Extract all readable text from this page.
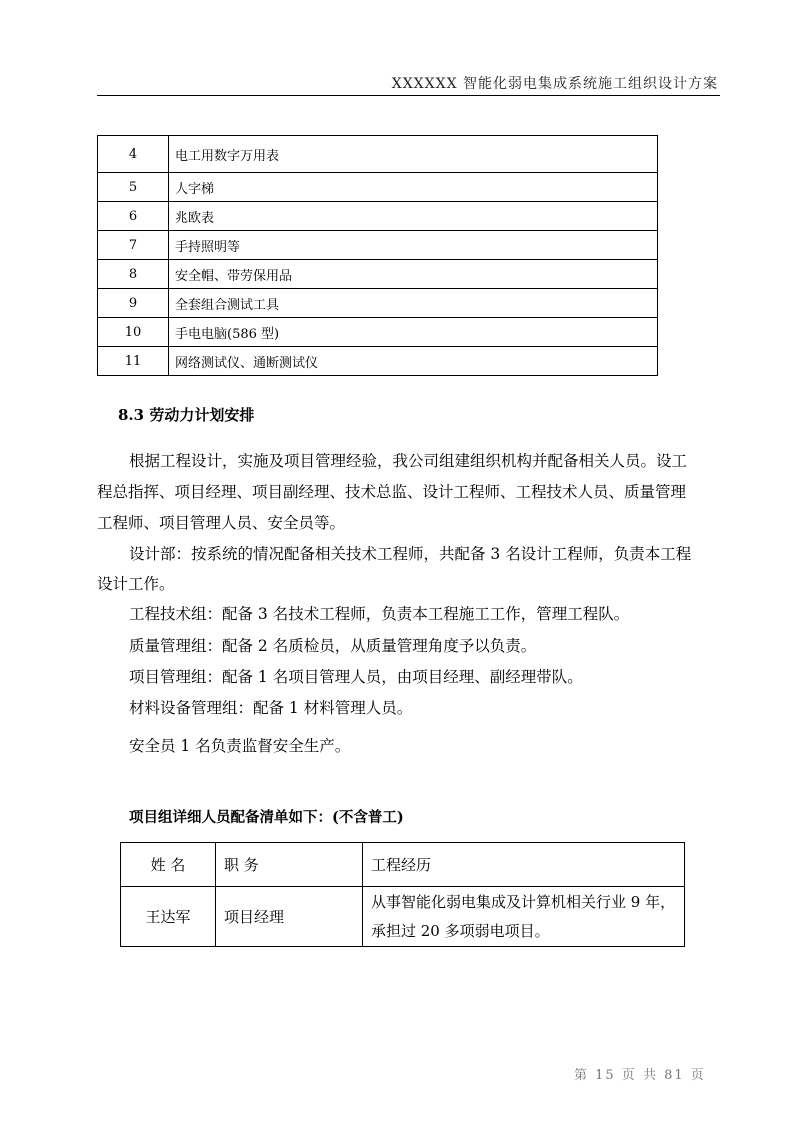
XXXXXX 智能化弱电集成系统施工组织设计方案
4	电工用数字万用表
5	人字梯
6	兆欧表
7	手持照明等
8	安全帽、带劳保用品
9	全套组合测试工具
10	手电电脑(586 型)
11	网络测试仪、通断测试仪
8.3 劳动力计划安排
根据工程设计，实施及项目管理经验，我公司组建组织机构并配备相关人员。设工
程总指挥、项目经理、项目副经理、技术总监、设计工程师、工程技术人员、质量管理
工程师、项目管理人员、安全员等。
设计部：按系统的情况配备相关技术工程师，共配备 3 名设计工程师，负责本工程
设计工作。
工程技术组：配备 3 名技术工程师，负责本工程施工工作，管理工程队。
质量管理组：配备 2 名质检员，从质量管理角度予以负责。
项目管理组：配备 1 名项目管理人员，由项目经理、副经理带队。
材料设备管理组：配备 1 材料管理人员。
安全员 1 名负责监督安全生产。
项目组详细人员配备清单如下：(不含普工)
姓 名	职 务	工程经历
王达军	项目经理	从事智能化弱电集成及计算机相关行业 9 年，
承担过 20 多项弱电项目。
第 15 页 共 81 页
